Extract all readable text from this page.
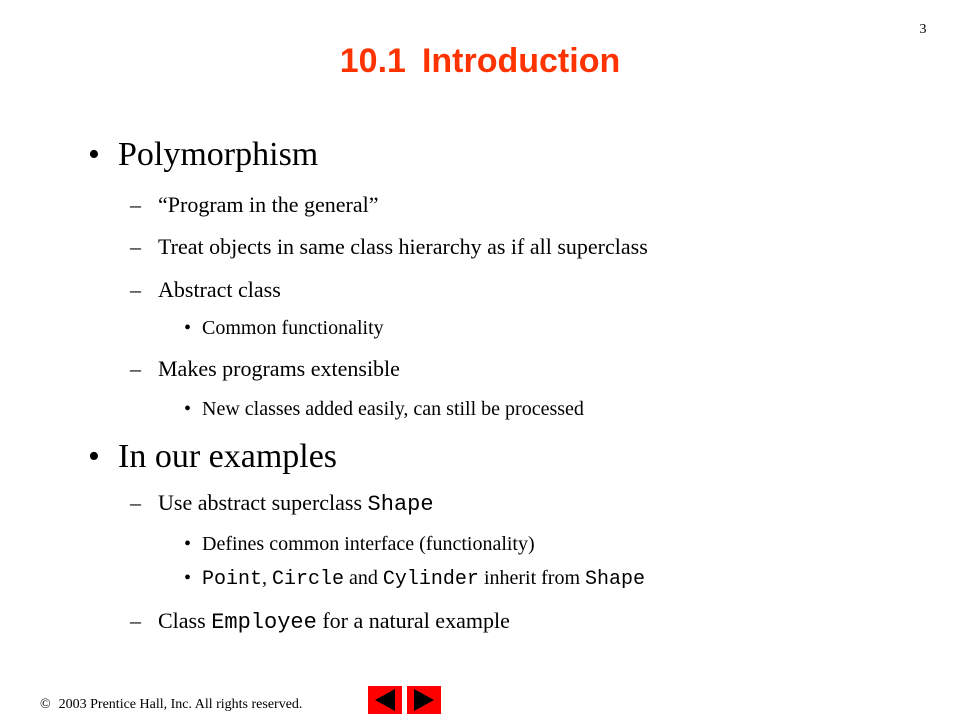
3
10.1 Introduction
• Polymorphism
– “Program in the general”
– Treat objects in same class hierarchy as if all superclass
– Abstract class
• Common functionality
– Makes programs extensible
• New classes added easily, can still be processed
• In our examples
– Use abstract superclass Shape
• Defines common interface (functionality)
• Point, Circle and Cylinder inherit from Shape
– Class Employee for a natural example
© 2003 Prentice Hall, Inc. All rights reserved.
